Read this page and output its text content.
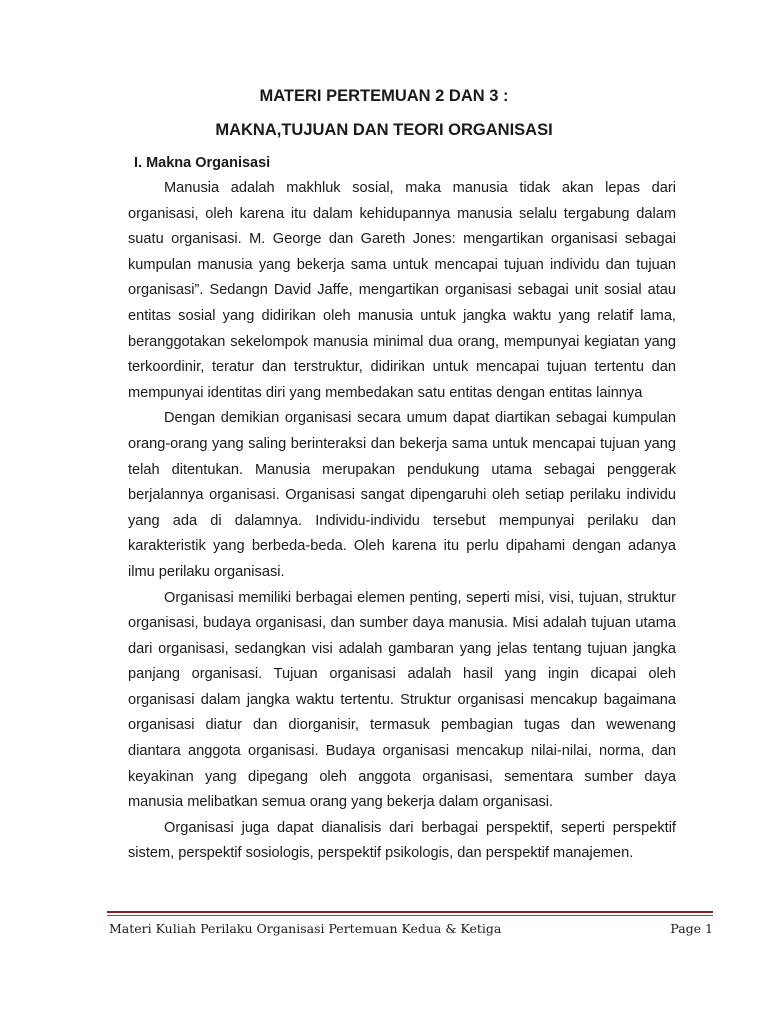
MATERI PERTEMUAN 2 DAN 3 :
MAKNA,TUJUAN DAN TEORI ORGANISASI
I. Makna Organisasi

Manusia adalah makhluk sosial, maka manusia tidak akan lepas dari organisasi, oleh karena itu dalam kehidupannya manusia selalu tergabung dalam suatu organisasi. M. George dan Gareth Jones: mengartikan organisasi sebagai kumpulan manusia yang bekerja sama untuk mencapai tujuan individu dan tujuan organisasi”. Sedangn David Jaffe, mengartikan organisasi sebagai unit sosial atau entitas sosial yang didirikan oleh manusia untuk jangka waktu yang relatif lama, beranggotakan sekelompok manusia minimal dua orang, mempunyai kegiatan yang terkoordinir, teratur dan terstruktur, didirikan untuk mencapai tujuan tertentu dan mempunyai identitas diri yang membedakan satu entitas dengan entitas lainnya

Dengan demikian organisasi secara umum dapat diartikan sebagai kumpulan orang-orang yang saling berinteraksi dan bekerja sama untuk mencapai tujuan yang telah ditentukan. Manusia merupakan pendukung utama sebagai penggerak berjalannya organisasi. Organisasi sangat dipengaruhi oleh setiap perilaku individu yang ada di dalamnya. Individu-individu tersebut mempunyai perilaku dan karakteristik yang berbeda-beda. Oleh karena itu perlu dipahami dengan adanya ilmu perilaku organisasi.

Organisasi memiliki berbagai elemen penting, seperti misi, visi, tujuan, struktur organisasi, budaya organisasi, dan sumber daya manusia. Misi adalah tujuan utama dari organisasi, sedangkan visi adalah gambaran yang jelas tentang tujuan jangka panjang organisasi. Tujuan organisasi adalah hasil yang ingin dicapai oleh organisasi dalam jangka waktu tertentu. Struktur organisasi mencakup bagaimana organisasi diatur dan diorganisir, termasuk pembagian tugas dan wewenang diantara anggota organisasi. Budaya organisasi mencakup nilai-nilai, norma, dan keyakinan yang dipegang oleh anggota organisasi, sementara sumber daya manusia melibatkan semua orang yang bekerja dalam organisasi.

Organisasi juga dapat dianalisis dari berbagai perspektif, seperti perspektif sistem, perspektif sosiologis, perspektif psikologis, dan perspektif manajemen.

Materi Kuliah Perilaku Organisasi Pertemuan Kedua & Ketiga	Page 1
